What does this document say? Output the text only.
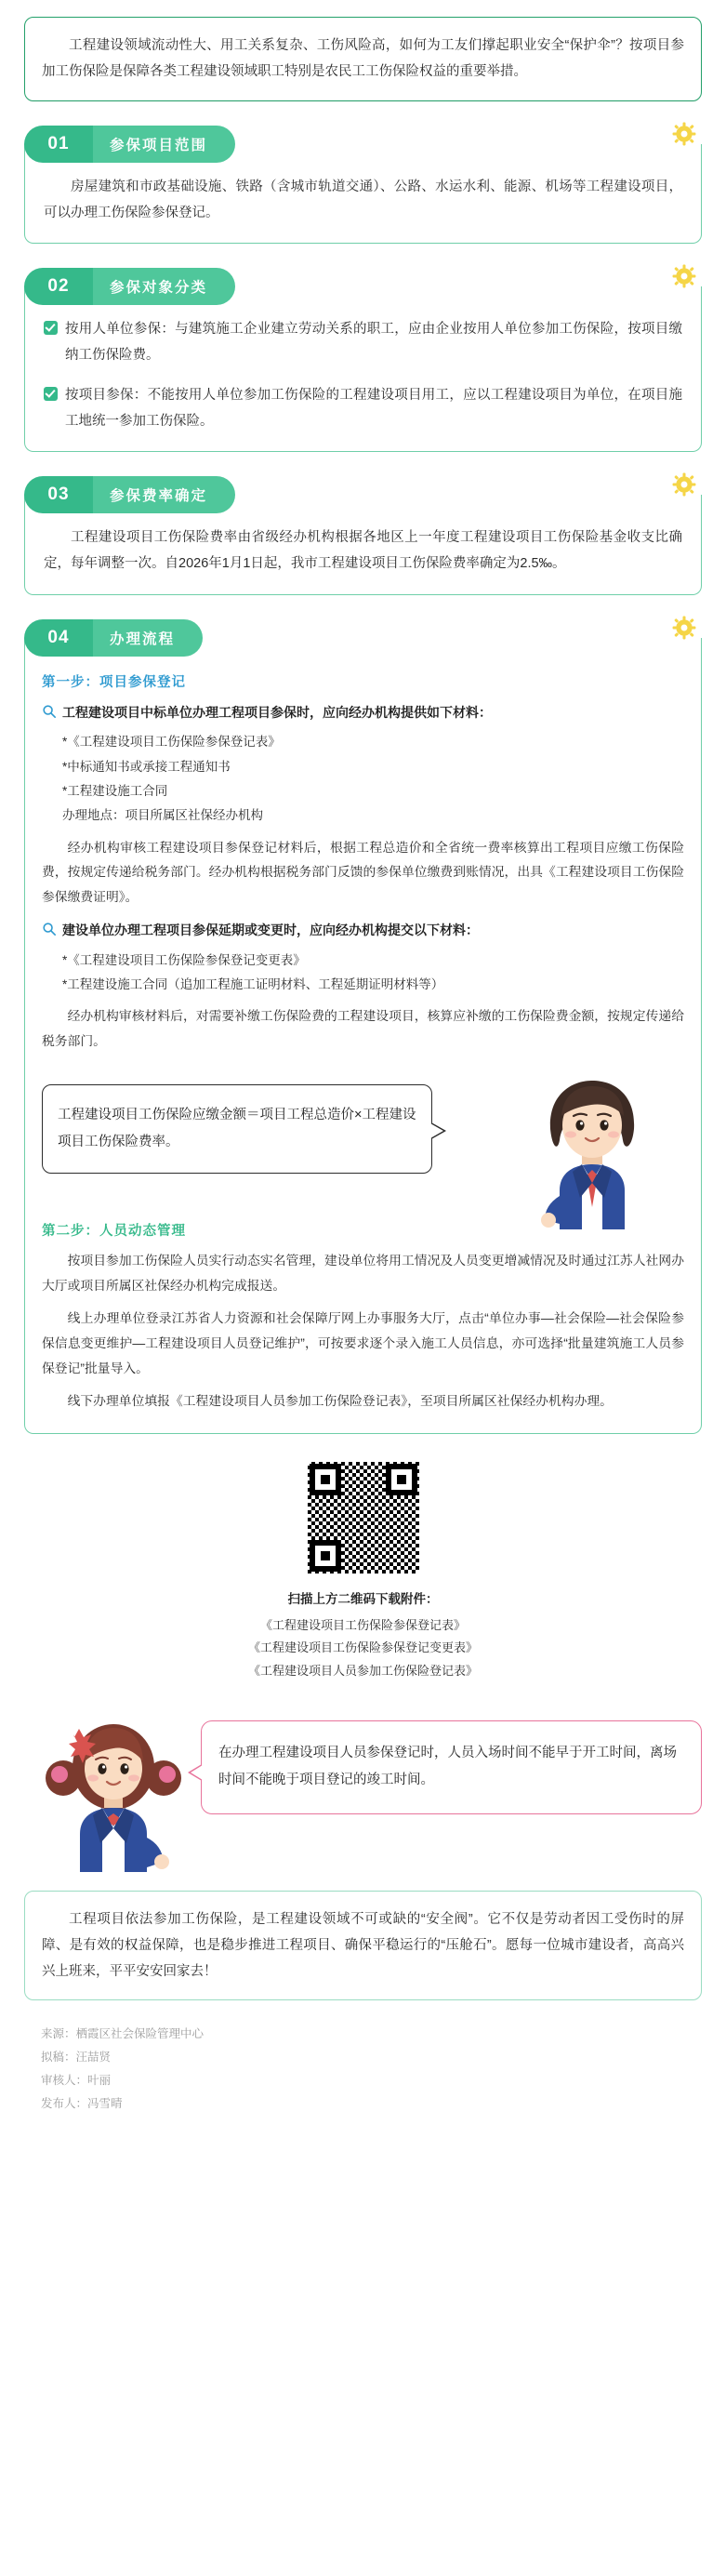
工程建设领域流动性大、用工关系复杂、工伤风险高，如何为工友们撑起职业安全“保护伞”？按项目参加工伤保险是保障各类工程建设领域职工特别是农民工工伤保险权益的重要举措。

01	参保项目范围

房屋建筑和市政基础设施、铁路（含城市轨道交通）、公路、水运水利、能源、机场等工程建设项目，可以办理工伤保险参保登记。

02	参保对象分类
按用人单位参保：与建筑施工企业建立劳动关系的职工，应由企业按用人单位参加工伤保险，按项目缴纳工伤保险费。
按项目参保：不能按用人单位参加工伤保险的工程建设项目用工，应以工程建设项目为单位，在项目施工地统一参加工伤保险。
03	参保费率确定

工程建设项目工伤保险费率由省级经办机构根据各地区上一年度工程建设项目工伤保险基金收支比确定，每年调整一次。自2026年1月1日起，我市工程建设项目工伤保险费率确定为2.5‰。

04	办理流程
第一步：项目参保登记
工程建设项目中标单位办理工程项目参保时，应向经办机构提供如下材料：
*《工程建设项目工伤保险参保登记表》
*中标通知书或承接工程通知书
*工程建设施工合同
办理地点：项目所属区社保经办机构

经办机构审核工程建设项目参保登记材料后，根据工程总造价和全省统一费率核算出工程项目应缴工伤保险费，按规定传递给税务部门。经办机构根据税务部门反馈的参保单位缴费到账情况，出具《工程建设项目工伤保险参保缴费证明》。

建设单位办理工程项目参保延期或变更时，应向经办机构提交以下材料：
*《工程建设项目工伤保险参保登记变更表》
*工程建设施工合同（追加工程施工证明材料、工程延期证明材料等）

经办机构审核材料后，对需要补缴工伤保险费的工程建设项目，核算应补缴的工伤保险费金额，按规定传递给税务部门。

工程建设项目工伤保险应缴金额＝项目工程总造价×工程建设项目工伤保险费率。
第二步：人员动态管理

按项目参加工伤保险人员实行动态实名管理，建设单位将用工情况及人员变更增减情况及时通过江苏人社网办大厅或项目所属区社保经办机构完成报送。

线上办理单位登录江苏省人力资源和社会保障厅网上办事服务大厅，点击“单位办事—社会保险—社会保险参保信息变更维护—工程建设项目人员登记维护”，可按要求逐个录入施工人员信息，亦可选择“批量建筑施工人员参保登记”批量导入。

线下办理单位填报《工程建设项目人员参加工伤保险登记表》，至项目所属区社保经办机构办理。

扫描上方二维码下载附件：
《工程建设项目工伤保险参保登记表》
《工程建设项目工伤保险参保登记变更表》
《工程建设项目人员参加工伤保险登记表》
在办理工程建设项目人员参保登记时，人员入场时间不能早于开工时间，离场时间不能晚于项目登记的竣工时间。

工程项目依法参加工伤保险，是工程建设领域不可或缺的“安全阀”。它不仅是劳动者因工受伤时的屏障、是有效的权益保障，也是稳步推进工程项目、确保平稳运行的“压舱石”。愿每一位城市建设者，高高兴兴上班来，平平安安回家去！

来源：栖霞区社会保险管理中心
拟稿：汪喆贤
审核人：叶丽
发布人：冯雪晴
